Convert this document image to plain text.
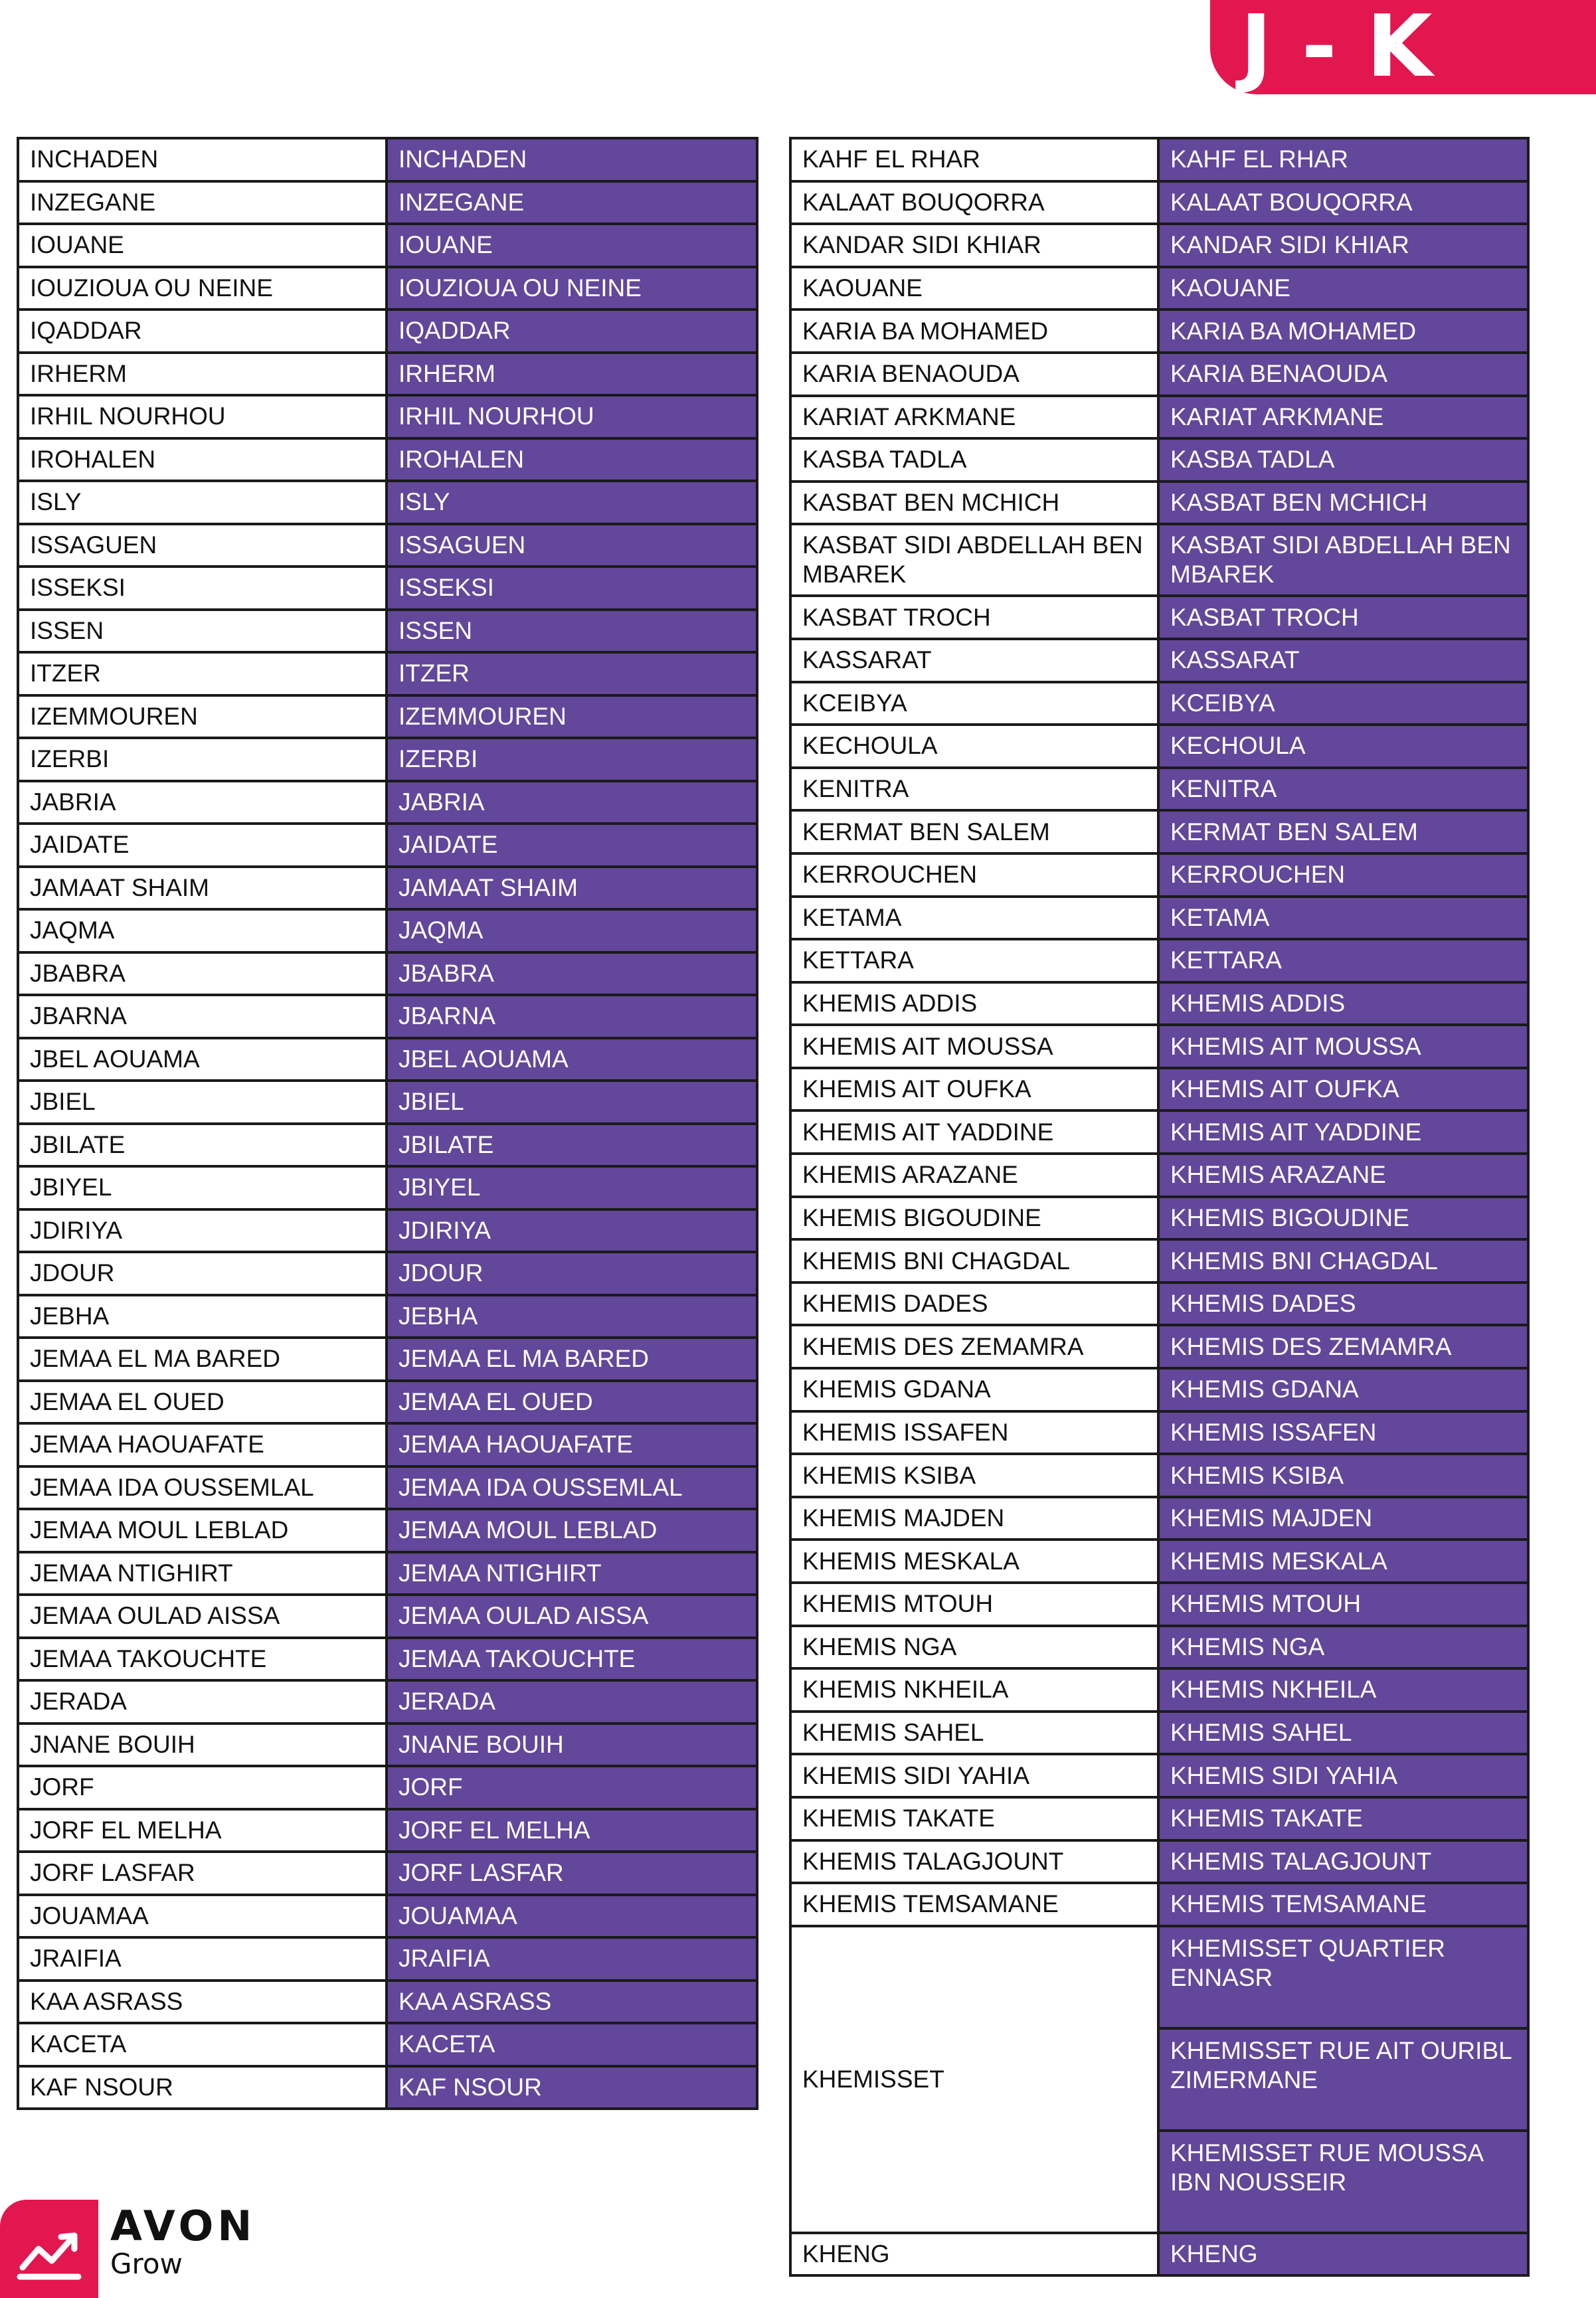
J - K
INCHADEN	INCHADEN
INZEGANE	INZEGANE
IOUANE	IOUANE
IOUZIOUA OU NEINE	IOUZIOUA OU NEINE
IQADDAR	IQADDAR
IRHERM	IRHERM
IRHIL NOURHOU	IRHIL NOURHOU
IROHALEN	IROHALEN
ISLY	ISLY
ISSAGUEN	ISSAGUEN
ISSEKSI	ISSEKSI
ISSEN	ISSEN
ITZER	ITZER
IZEMMOUREN	IZEMMOUREN
IZERBI	IZERBI
JABRIA	JABRIA
JAIDATE	JAIDATE
JAMAAT SHAIM	JAMAAT SHAIM
JAQMA	JAQMA
JBABRA	JBABRA
JBARNA	JBARNA
JBEL AOUAMA	JBEL AOUAMA
JBIEL	JBIEL
JBILATE	JBILATE
JBIYEL	JBIYEL
JDIRIYA	JDIRIYA
JDOUR	JDOUR
JEBHA	JEBHA
JEMAA EL MA BARED	JEMAA EL MA BARED
JEMAA EL OUED	JEMAA EL OUED
JEMAA HAOUAFATE	JEMAA HAOUAFATE
JEMAA IDA OUSSEMLAL	JEMAA IDA OUSSEMLAL
JEMAA MOUL LEBLAD	JEMAA MOUL LEBLAD
JEMAA NTIGHIRT	JEMAA NTIGHIRT
JEMAA OULAD AISSA	JEMAA OULAD AISSA
JEMAA TAKOUCHTE	JEMAA TAKOUCHTE
JERADA	JERADA
JNANE BOUIH	JNANE BOUIH
JORF	JORF
JORF EL MELHA	JORF EL MELHA
JORF LASFAR	JORF LASFAR
JOUAMAA	JOUAMAA
JRAIFIA	JRAIFIA
KAA ASRASS	KAA ASRASS
KACETA	KACETA
KAF NSOUR	KAF NSOUR
KAHF EL RHAR	KAHF EL RHAR
KALAAT BOUQORRA	KALAAT BOUQORRA
KANDAR SIDI KHIAR	KANDAR SIDI KHIAR
KAOUANE	KAOUANE
KARIA BA MOHAMED	KARIA BA MOHAMED
KARIA BENAOUDA	KARIA BENAOUDA
KARIAT ARKMANE	KARIAT ARKMANE
KASBA TADLA	KASBA TADLA
KASBAT BEN MCHICH	KASBAT BEN MCHICH
KASBAT SIDI ABDELLAH BEN MBAREK	KASBAT SIDI ABDELLAH BEN MBAREK
KASBAT TROCH	KASBAT TROCH
KASSARAT	KASSARAT
KCEIBYA	KCEIBYA
KECHOULA	KECHOULA
KENITRA	KENITRA
KERMAT BEN SALEM	KERMAT BEN SALEM
KERROUCHEN	KERROUCHEN
KETAMA	KETAMA
KETTARA	KETTARA
KHEMIS ADDIS	KHEMIS ADDIS
KHEMIS AIT MOUSSA	KHEMIS AIT MOUSSA
KHEMIS AIT OUFKA	KHEMIS AIT OUFKA
KHEMIS AIT YADDINE	KHEMIS AIT YADDINE
KHEMIS ARAZANE	KHEMIS ARAZANE
KHEMIS BIGOUDINE	KHEMIS BIGOUDINE
KHEMIS BNI CHAGDAL	KHEMIS BNI CHAGDAL
KHEMIS DADES	KHEMIS DADES
KHEMIS DES ZEMAMRA	KHEMIS DES ZEMAMRA
KHEMIS GDANA	KHEMIS GDANA
KHEMIS ISSAFEN	KHEMIS ISSAFEN
KHEMIS KSIBA	KHEMIS KSIBA
KHEMIS MAJDEN	KHEMIS MAJDEN
KHEMIS MESKALA	KHEMIS MESKALA
KHEMIS MTOUH	KHEMIS MTOUH
KHEMIS NGA	KHEMIS NGA
KHEMIS NKHEILA	KHEMIS NKHEILA
KHEMIS SAHEL	KHEMIS SAHEL
KHEMIS SIDI YAHIA	KHEMIS SIDI YAHIA
KHEMIS TAKATE	KHEMIS TAKATE
KHEMIS TALAGJOUNT	KHEMIS TALAGJOUNT
KHEMIS TEMSAMANE	KHEMIS TEMSAMANE
KHEMISSET	KHEMISSET QUARTIER ENNASR
	KHEMISSET RUE AIT OURIBL ZIMERMANE
	KHEMISSET RUE MOUSSA IBN NOUSSEIR
KHENG	KHENG
AVON
Grow
